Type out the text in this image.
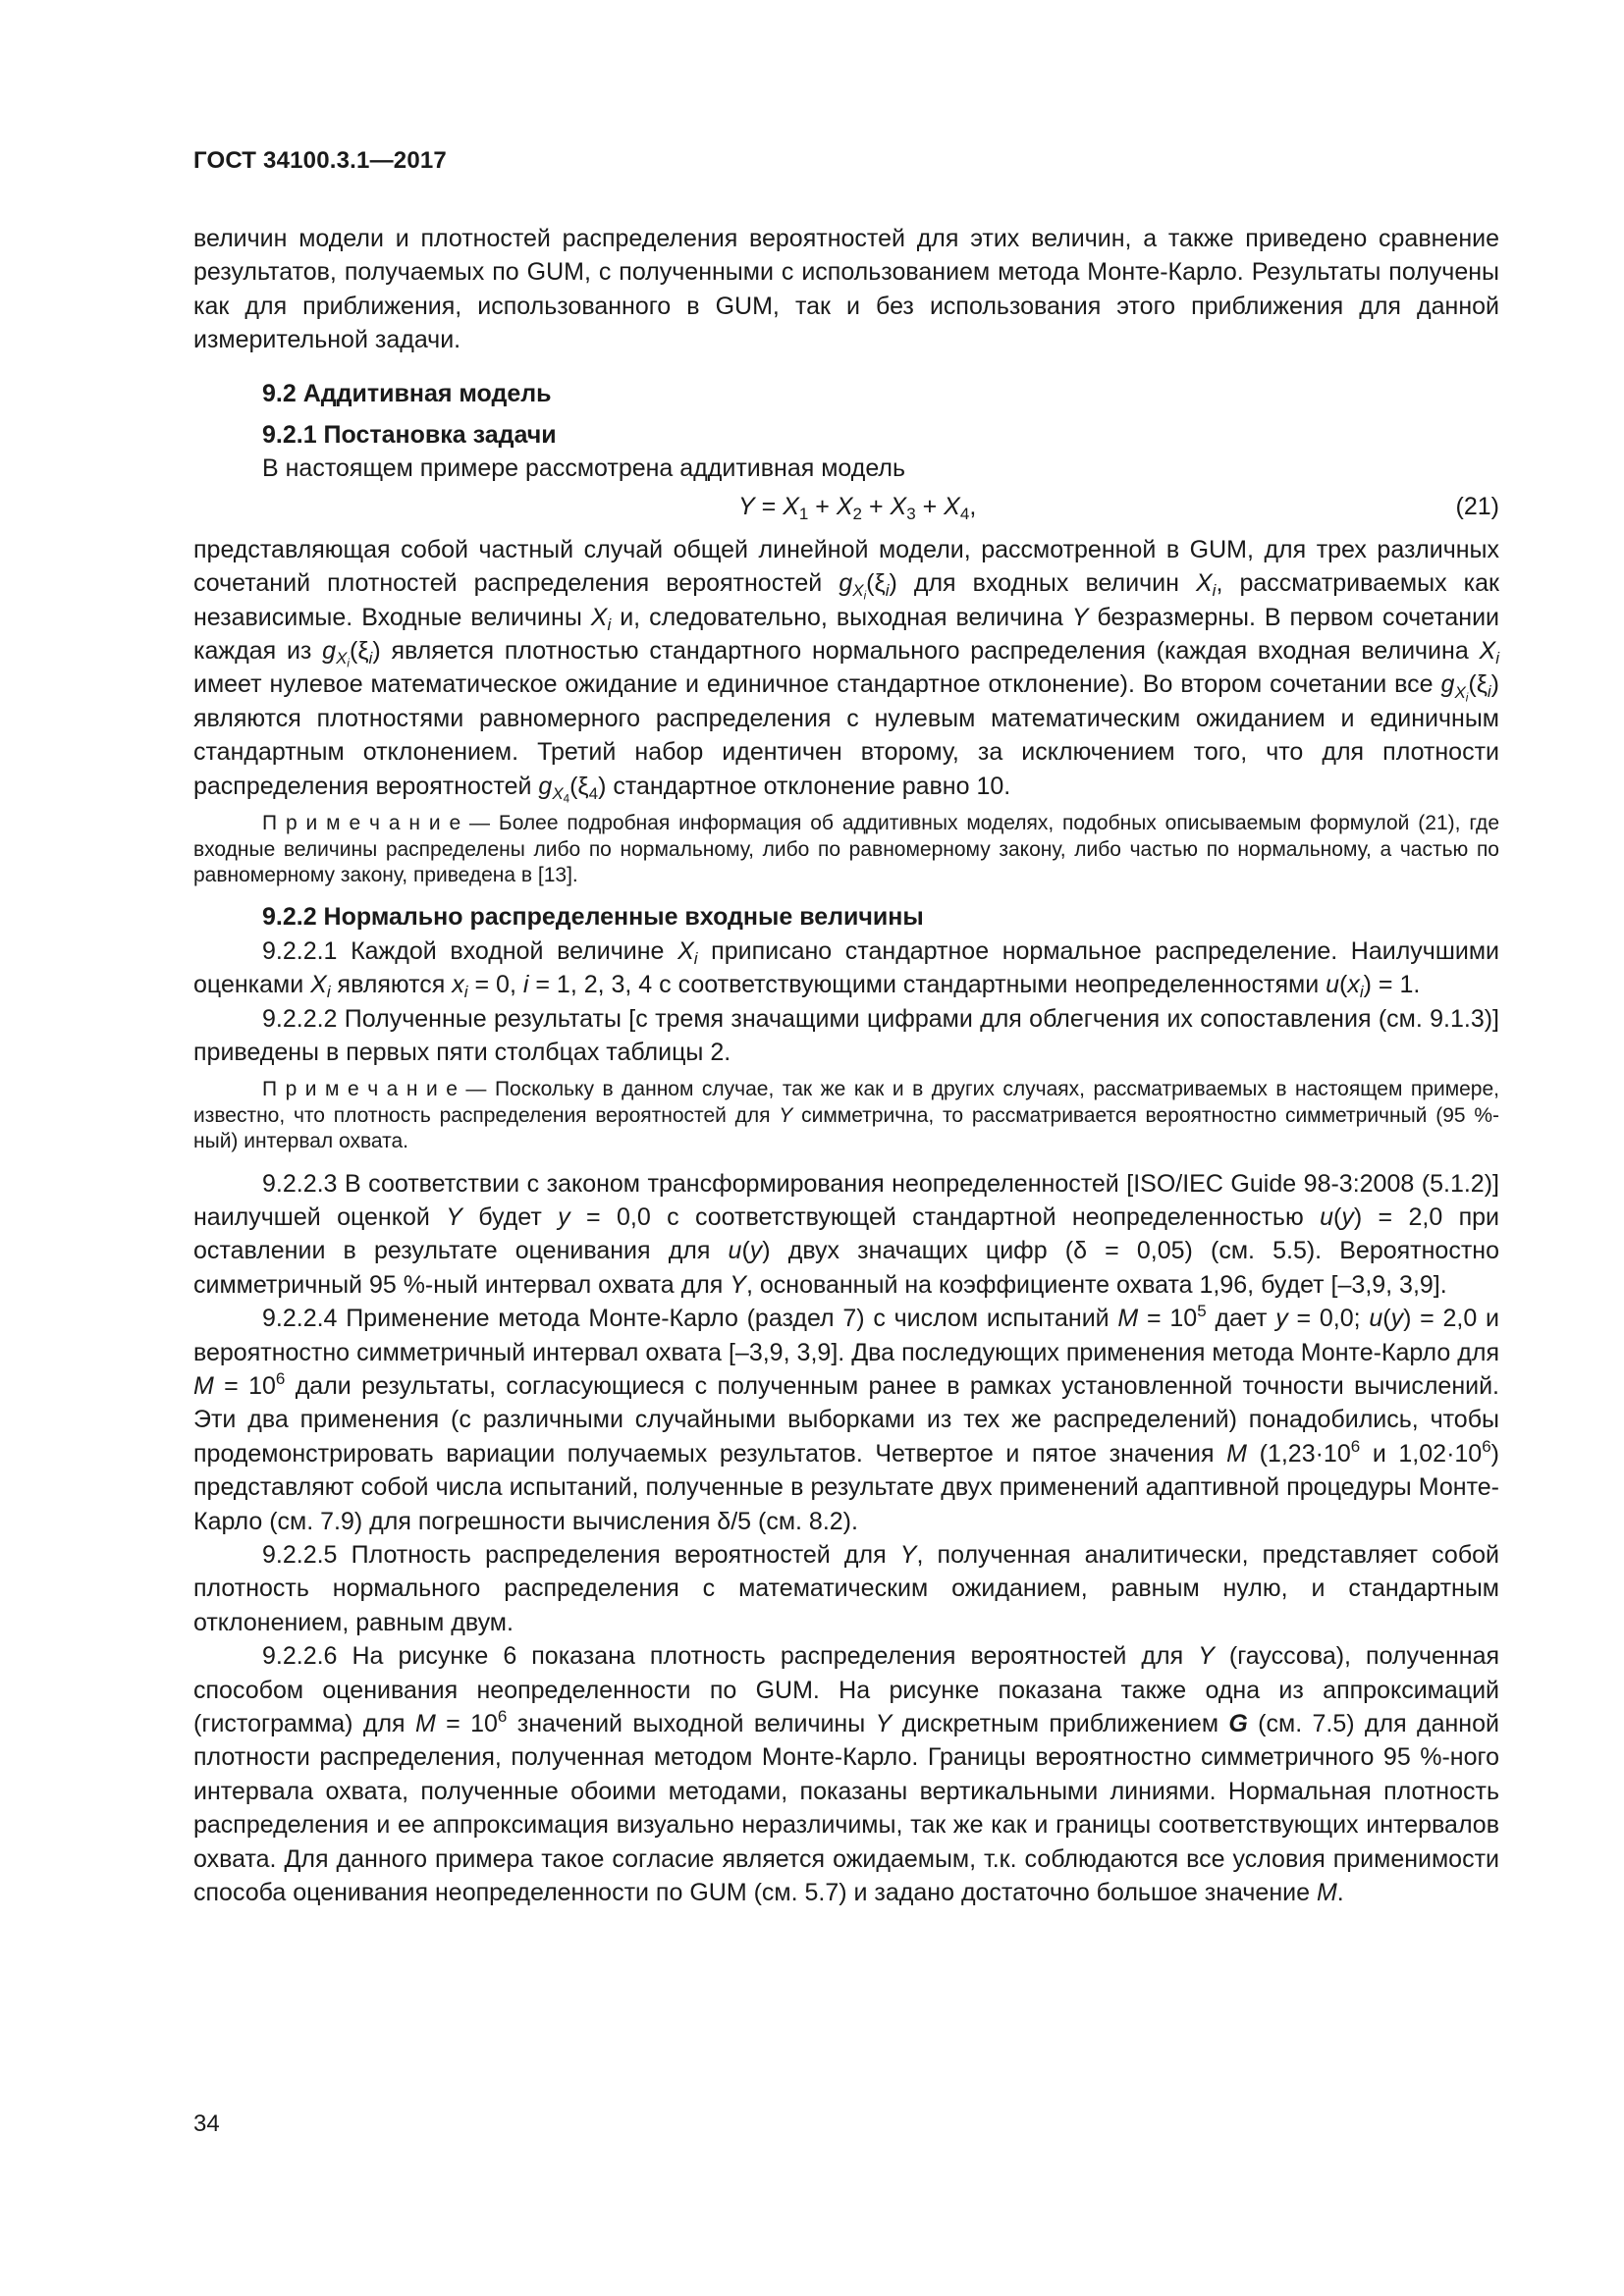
ГОСТ 34100.3.1—2017

величин модели и плотностей распределения вероятностей для этих величин, а также приведено сравнение результатов, получаемых по GUM, с полученными с использованием метода Монте-Карло. Результаты получены как для приближения, использованного в GUM, так и без использования этого приближения для данной измерительной задачи.

9.2 Аддитивная модель

9.2.1 Постановка задачи

В настоящем примере рассмотрена аддитивная модель

$Y = X_1 + X_2 + X_3 + X_4$,	(21)

представляющая собой частный случай общей линейной модели, рассмотренной в GUM, для трех различных сочетаний плотностей распределения вероятностей $g_{X_i}(\xi_i)$ для входных величин $X_i$, рассматриваемых как независимые. Входные величины $X_i$ и, следовательно, выходная величина Y безразмерны. В первом сочетании каждая из $g_{X_i}(\xi_i)$ является плотностью стандартного нормального распределения (каждая входная величина $X_i$ имеет нулевое математическое ожидание и единичное стандартное отклонение). Во втором сочетании все $g_{X_i}(\xi_i)$ являются плотностями равномерного распределения с нулевым математическим ожиданием и единичным стандартным отклонением. Третий набор идентичен второму, за исключением того, что для плотности распределения вероятностей $g_{X_4}(\xi_4)$ стандартное отклонение равно 10.

П р и м е ч а н и е — Более подробная информация об аддитивных моделях, подобных описываемым формулой (21), где входные величины распределены либо по нормальному, либо по равномерному закону, либо частью по нормальному, а частью по равномерному закону, приведена в [13].

9.2.2 Нормально распределенные входные величины

9.2.2.1 Каждой входной величине $X_i$ приписано стандартное нормальное распределение. Наилучшими оценками $X_i$ являются $x_i = 0$, i = 1, 2, 3, 4 с соответствующими стандартными неопределенностями $u(x_i) = 1$.

9.2.2.2 Полученные результаты [с тремя значащими цифрами для облегчения их сопоставления (см. 9.1.3)] приведены в первых пяти столбцах таблицы 2.

П р и м е ч а н и е — Поскольку в данном случае, так же как и в других случаях, рассматриваемых в настоящем примере, известно, что плотность распределения вероятностей для Y симметрична, то рассматривается вероятностно симметричный (95 %-ный) интервал охвата.

9.2.2.3 В соответствии с законом трансформирования неопределенностей [ISO/IEC Guide 98-3:2008 (5.1.2)] наилучшей оценкой Y будет y = 0,0 с соответствующей стандартной неопределенностью u(y) = 2,0 при оставлении в результате оценивания для u(y) двух значащих цифр (δ = 0,05) (см. 5.5). Вероятностно симметричный 95 %-ный интервал охвата для Y, основанный на коэффициенте охвата 1,96, будет [–3,9, 3,9].

9.2.2.4 Применение метода Монте-Карло (раздел 7) с числом испытаний $M = 10^5$ дает y = 0,0; u(y) = 2,0 и вероятностно симметричный интервал охвата [–3,9, 3,9]. Два последующих применения метода Монте-Карло для $M = 10^6$ дали результаты, согласующиеся с полученным ранее в рамках установленной точности вычислений. Эти два применения (с различными случайными выборками из тех же распределений) понадобились, чтобы продемонстрировать вариации получаемых результатов. Четвертое и пятое значения M ($1,23\cdot 10^6$ и $1,02\cdot 10^6$) представляют собой числа испытаний, полученные в результате двух применений адаптивной процедуры Монте-Карло (см. 7.9) для погрешности вычисления δ/5 (см. 8.2).

9.2.2.5 Плотность распределения вероятностей для Y, полученная аналитически, представляет собой плотность нормального распределения с математическим ожиданием, равным нулю, и стандартным отклонением, равным двум.

9.2.2.6 На рисунке 6 показана плотность распределения вероятностей для Y (гауссова), полученная способом оценивания неопределенности по GUM. На рисунке показана также одна из аппроксимаций (гистограмма) для $M = 10^6$ значений выходной величины Y дискретным приближением G (см. 7.5) для данной плотности распределения, полученная методом Монте-Карло. Границы вероятностно симметричного 95 %-ного интервала охвата, полученные обоими методами, показаны вертикальными линиями. Нормальная плотность распределения и ее аппроксимация визуально неразличимы, так же как и границы соответствующих интервалов охвата. Для данного примера такое согласие является ожидаемым, т.к. соблюдаются все условия применимости способа оценивания неопределенности по GUM (см. 5.7) и задано достаточно большое значение M.

34
